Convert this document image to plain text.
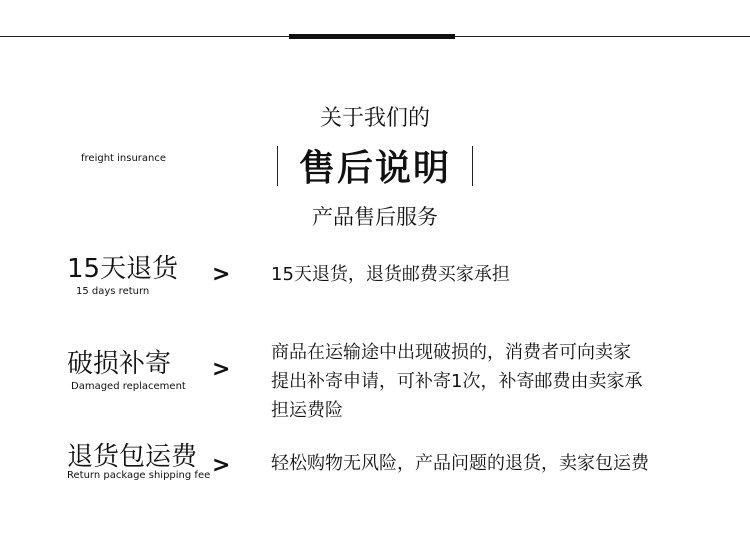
关于我们的
freight insurance	售后说明
产品售后服务
15天退货
15 days return
> 15天退货，退货邮费买家承担
破损补寄
Damaged replacement
>
商品在运输途中出现破损的，消费者可向卖家
提出补寄申请，可补寄1次，补寄邮费由卖家承
担运费险
退货包运费
Return package shipping fee > 轻松购物无风险，产品问题的退货，卖家包运费
